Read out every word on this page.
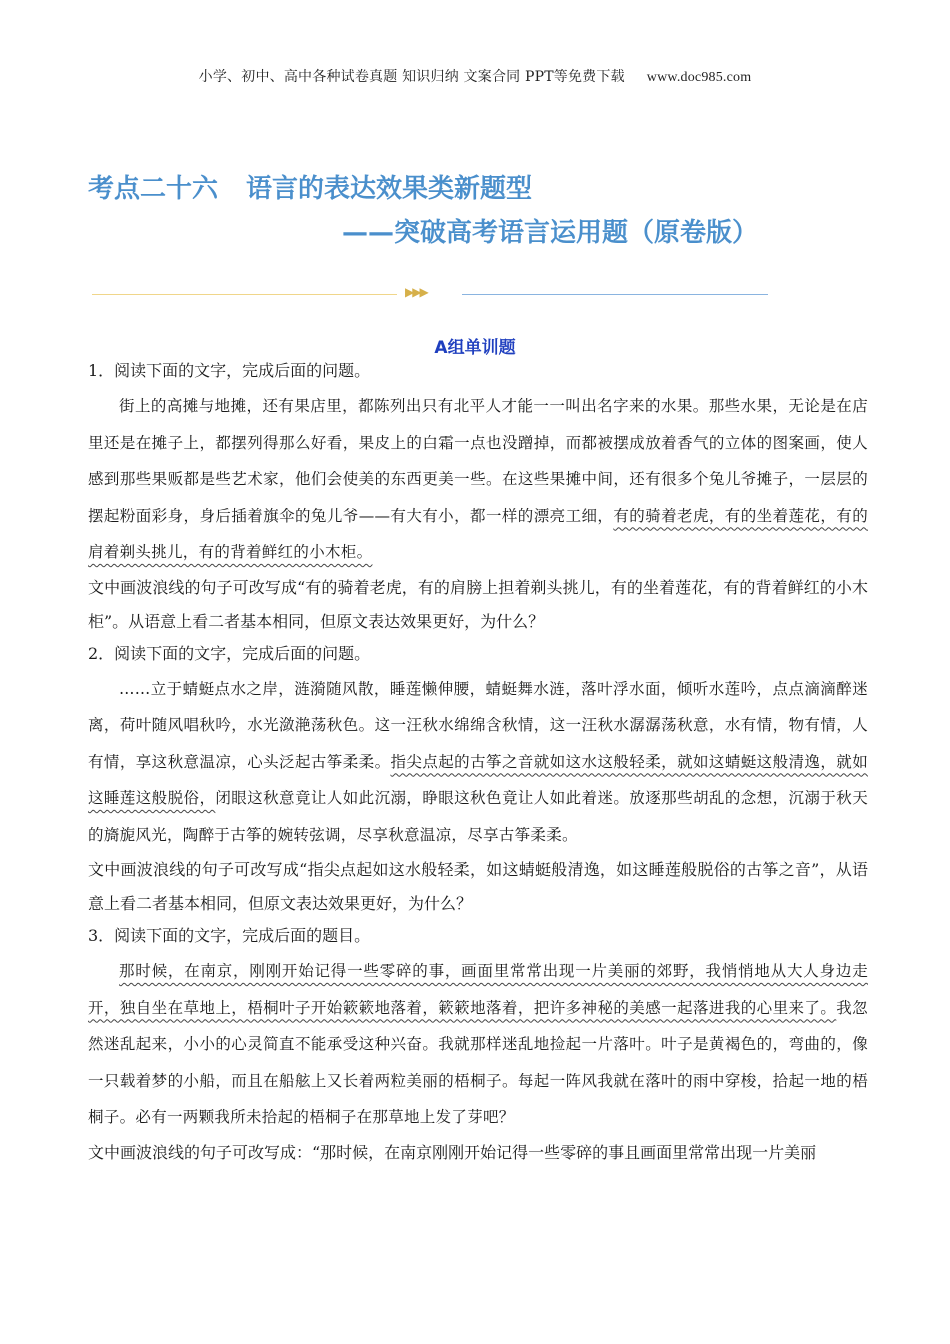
小学、初中、高中各种试卷真题 知识归纳 文案合同 PPT等免费下载 www.doc985.com
考点二十六 语言的表达效果类新题型
——突破高考语言运用题（原卷版）
▶▶▶
A组单训题

1．阅读下面的文字，完成后面的问题。

街上的高摊与地摊，还有果店里，都陈列出只有北平人才能一一叫出名字来的水果。那些水果，无论是在店里还是在摊子上，都摆列得那么好看，果皮上的白霜一点也没蹭掉，而都被摆成放着香气的立体的图案画，使人感到那些果贩都是些艺术家，他们会使美的东西更美一些。在这些果摊中间，还有很多个兔儿爷摊子，一层层的摆起粉面彩身，身后插着旗伞的兔儿爷——有大有小，都一样的漂亮工细，有的骑着老虎，有的坐着莲花，有的肩着剃头挑儿，有的背着鲜红的小木柜。

文中画波浪线的句子可改写成“有的骑着老虎，有的肩膀上担着剃头挑儿，有的坐着莲花，有的背着鲜红的小木柜”。从语意上看二者基本相同，但原文表达效果更好，为什么？

2．阅读下面的文字，完成后面的问题。

……立于蜻蜓点水之岸，涟漪随风散，睡莲懒伸腰，蜻蜓舞水涟，落叶浮水面，倾听水莲吟，点点滴滴醉迷离，荷叶随风唱秋吟，水光潋滟荡秋色。这一汪秋水绵绵含秋情，这一汪秋水潺潺荡秋意，水有情，物有情，人有情，享这秋意温凉，心头泛起古筝柔柔。指尖点起的古筝之音就如这水这般轻柔，就如这蜻蜓这般清逸，就如这睡莲这般脱俗，闭眼这秋意竟让人如此沉溺，睁眼这秋色竟让人如此着迷。放逐那些胡乱的念想，沉溺于秋天的旖旎风光，陶醉于古筝的婉转弦调，尽享秋意温凉，尽享古筝柔柔。

文中画波浪线的句子可改写成“指尖点起如这水般轻柔，如这蜻蜓般清逸，如这睡莲般脱俗的古筝之音”，从语意上看二者基本相同，但原文表达效果更好，为什么？

3．阅读下面的文字，完成后面的题目。

那时候，在南京，刚刚开始记得一些零碎的事，画面里常常出现一片美丽的郊野，我悄悄地从大人身边走开，独自坐在草地上，梧桐叶子开始簌簌地落着，簌簌地落着，把许多神秘的美感一起落进我的心里来了。我忽然迷乱起来，小小的心灵简直不能承受这种兴奋。我就那样迷乱地捡起一片落叶。叶子是黄褐色的，弯曲的，像一只载着梦的小船，而且在船舷上又长着两粒美丽的梧桐子。每起一阵风我就在落叶的雨中穿梭，拾起一地的梧桐子。必有一两颗我所未拾起的梧桐子在那草地上发了芽吧？

文中画波浪线的句子可改写成：“那时候，在南京刚刚开始记得一些零碎的事且画面里常常出现一片美丽
